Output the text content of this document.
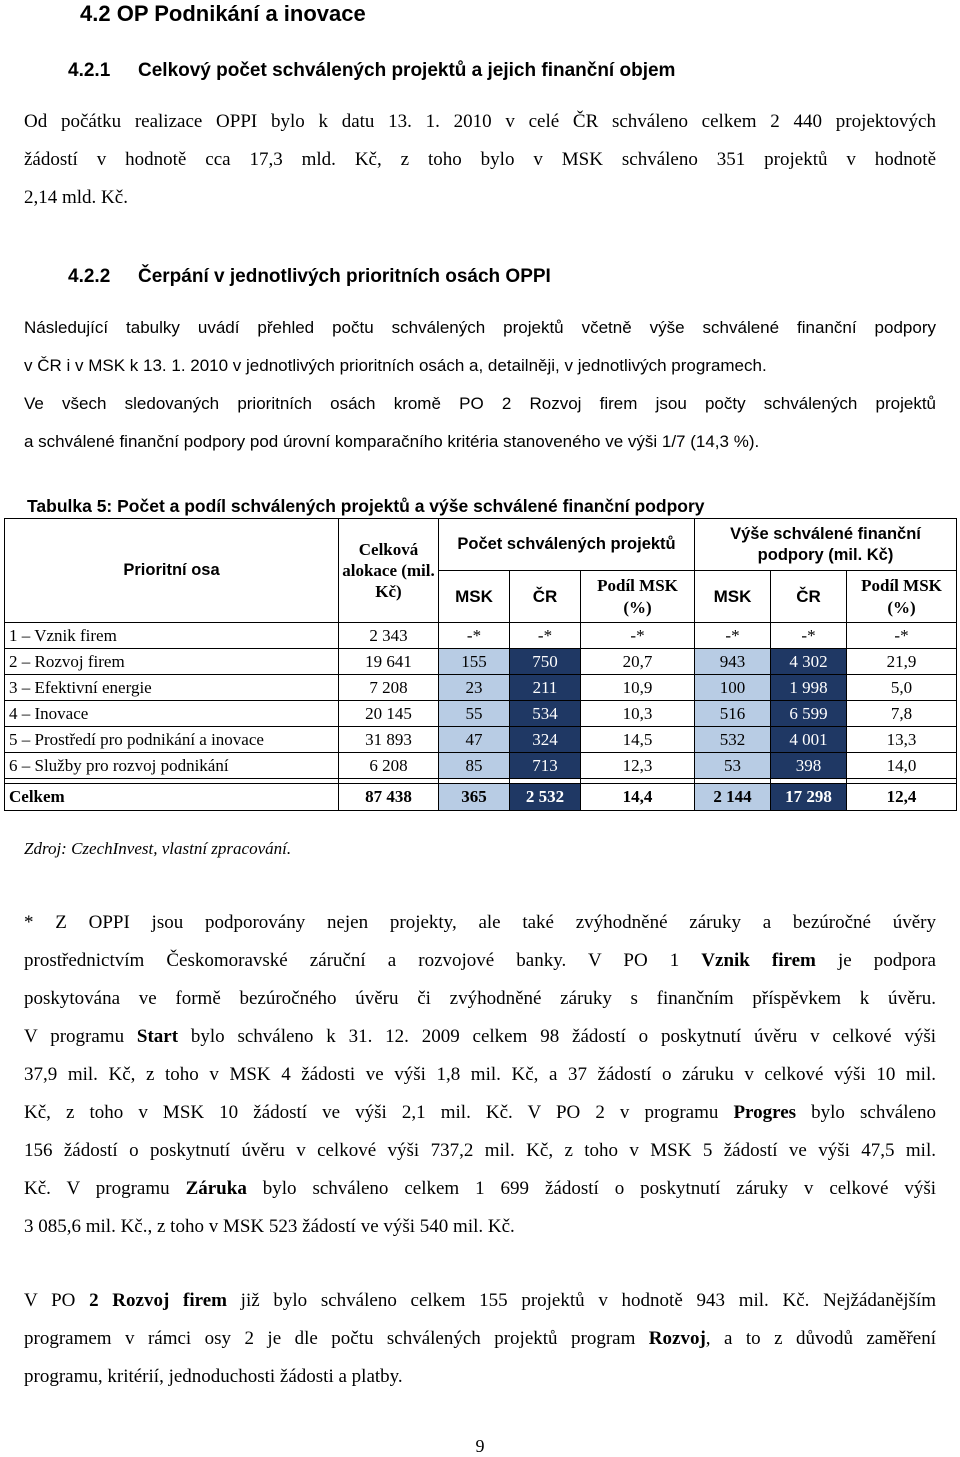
4.2 OP Podnikání a inovace
4.2.1 Celkový počet schválených projektů a jejich finanční objem
Od počátku realizace OPPI bylo k datu 13. 1. 2010 v celé ČR schváleno celkem 2 440 projektových
žádostí v hodnotě cca 17,3 mld. Kč, z toho bylo v MSK schváleno 351 projektů v hodnotě
2,14 mld. Kč.
4.2.2 Čerpání v jednotlivých prioritních osách OPPI
Následující tabulky uvádí přehled počtu schválených projektů včetně výše schválené finanční podpory
v ČR i v MSK k 13. 1. 2010 v jednotlivých prioritních osách a, detailněji, v jednotlivých programech.
Ve všech sledovaných prioritních osách kromě PO 2 Rozvoj firem jsou počty schválených projektů
a schválené finanční podpory pod úrovní komparačního kritéria stanoveného ve výši 1/7 (14,3 %).
Tabulka 5: Počet a podíl schválených projektů a výše schválené finanční podpory
Prioritní osa	Celková alokace (mil. Kč)	Počet schválených projektů			Výše schválené finanční podpory (mil. Kč)		
		MSK	ČR	Podíl MSK (%)	MSK	ČR	Podíl MSK (%)
1 – Vznik firem	2 343	-*	-*	-*	-*	-*	-*
2 – Rozvoj firem	19 641	155	750	20,7	943	4 302	21,9
3 – Efektivní energie	7 208	23	211	10,9	100	1 998	5,0
4 – Inovace	20 145	55	534	10,3	516	6 599	7,8
5 – Prostředí pro podnikání a inovace	31 893	47	324	14,5	532	4 001	13,3
6 – Služby pro rozvoj podnikání	6 208	85	713	12,3	53	398	14,0

Celkem	87 438	365	2 532	14,4	2 144	17 298	12,4
Zdroj: CzechInvest, vlastní zpracování.
* Z OPPI jsou podporovány nejen projekty, ale také zvýhodněné záruky a bezúročné úvěry
prostřednictvím Českomoravské záruční a rozvojové banky. V PO 1 Vznik firem je podpora
poskytována ve formě bezúročného úvěru či zvýhodněné záruky s finančním příspěvkem k úvěru.
V programu Start bylo schváleno k 31. 12. 2009 celkem 98 žádostí o poskytnutí úvěru v celkové výši
37,9 mil. Kč, z toho v MSK 4 žádosti ve výši 1,8 mil. Kč, a 37 žádostí o záruku v celkové výši 10 mil.
Kč, z toho v MSK 10 žádostí ve výši 2,1 mil. Kč. V PO 2 v programu Progres bylo schváleno
156 žádostí o poskytnutí úvěru v celkové výši 737,2 mil. Kč, z toho v MSK 5 žádostí ve výši 47,5 mil.
Kč. V programu Záruka bylo schváleno celkem 1 699 žádostí o poskytnutí záruky v celkové výši
3 085,6 mil. Kč., z toho v MSK 523 žádostí ve výši 540 mil. Kč.
V PO 2 Rozvoj firem již bylo schváleno celkem 155 projektů v hodnotě 943 mil. Kč. Nejžádanějším
programem v rámci osy 2 je dle počtu schválených projektů program Rozvoj, a to z důvodů zaměření
programu, kritérií, jednoduchosti žádosti a platby.
9
